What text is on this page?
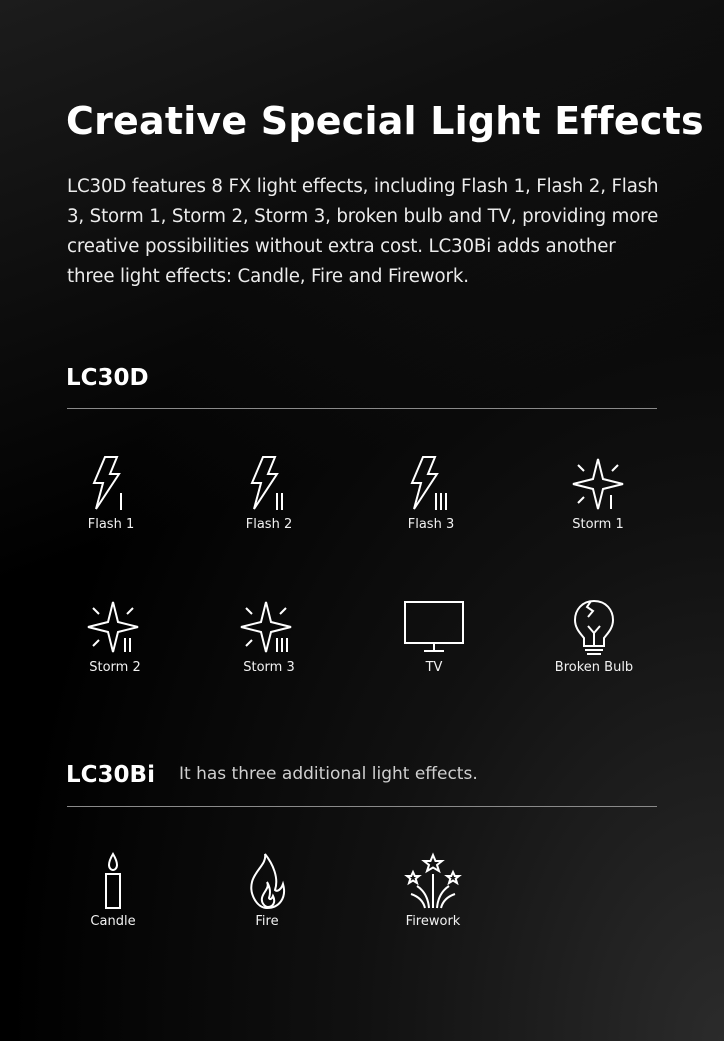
Creative Special Light Effects

LC30D features 8 FX light effects, including Flash 1, Flash 2, Flash
3, Storm 1, Storm 2, Storm 3, broken bulb and TV, providing more
creative possibilities without extra cost. LC30Bi adds another
three light effects: Candle, Fire and Firework.

LC30D
Flash 1	Flash 2	Flash 3	Storm 1
Storm 2	Storm 3	TV	Broken Bulb
LC30Bi It has three additional light effects.
Candle	Fire	Firework
